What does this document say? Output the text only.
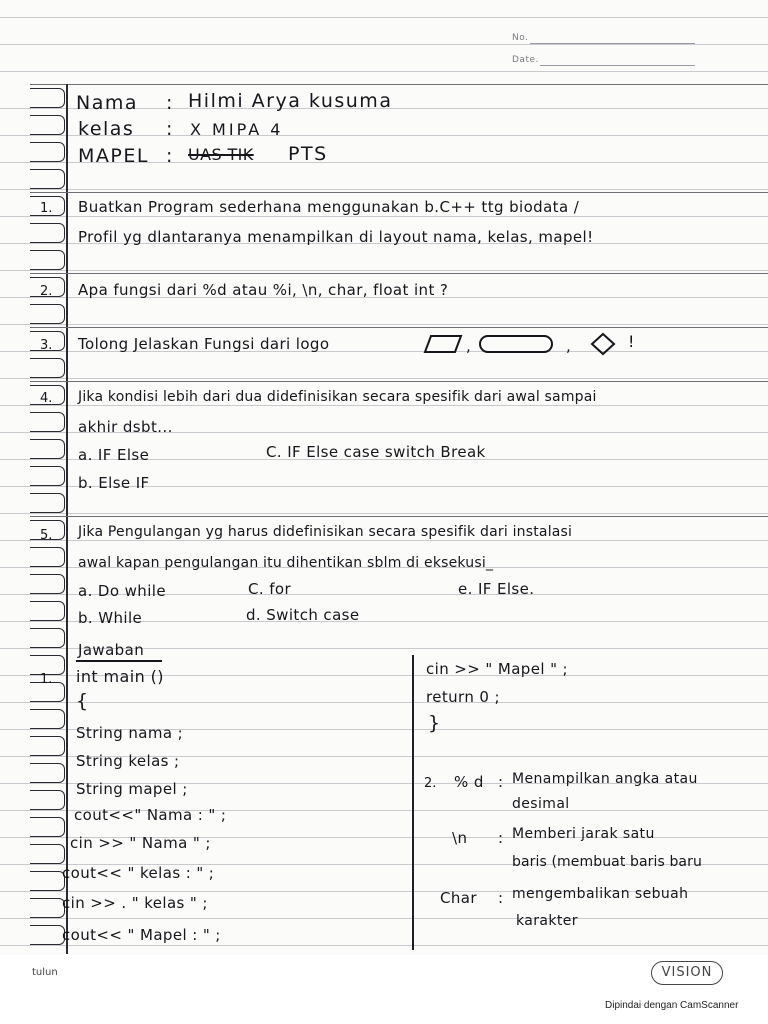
No.
Date.
Nama : Hilmi Arya kusuma
kelas : X MIPA 4
MAPEL : UAS TIK PTS
1. Buatkan Program sederhana menggunakan b.C++ ttg biodata /
Profil yg dlantaranya menampilkan di layout nama, kelas, mapel!
2. Apa fungsi dari %d atau %i, \n, char, float int ?
3. Tolong Jelaskan Fungsi dari logo	,	,	!
4. Jika kondisi lebih dari dua didefinisikan secara spesifik dari awal sampai
akhir dsbt...
a. IF Else	C. IF Else case switch Break
b. Else IF
5. Jika Pengulangan yg harus didefinisikan secara spesifik dari instalasi
awal kapan pengulangan itu dihentikan sblm di eksekusi_
a. Do while	C. for	e. IF Else.
b. While	d. Switch case
Jawaban
1. int main ()
{
String nama ;
String kelas ;
String mapel ;
cout<<" Nama : " ;
cin >> " Nama " ;
cout<< " kelas : " ;
cin >> . " kelas " ;
cout<< " Mapel : " ;
cin >> " Mapel " ;
return 0 ;
}
2. % d : Menampilkan angka atau
desimal
\n : Memberi jarak satu
baris (membuat baris baru
Char : mengembalikan sebuah
karakter
tulun	VISION
Dipindai dengan CamScanner
